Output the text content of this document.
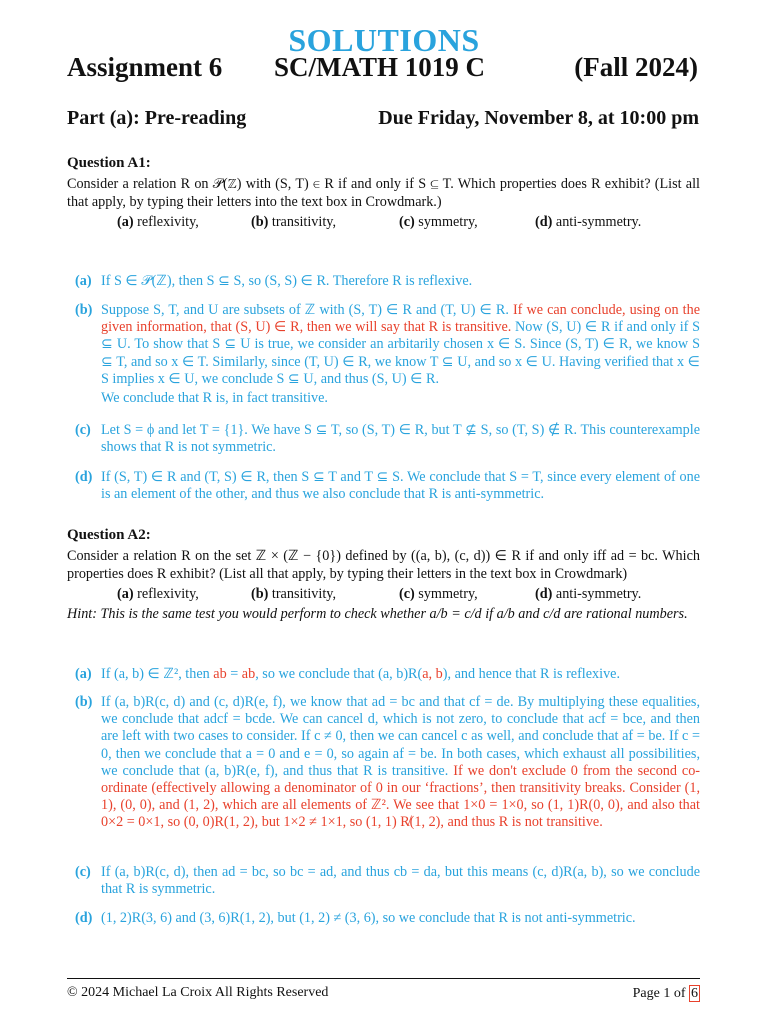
SOLUTIONS
Assignment 6 SC/MATH 1019 C	(Fall 2024)
Part (a): Pre-reading	Due Friday, November 8, at 10:00 pm
Question A1:
Consider a relation R on 𝒫(ℤ) with (S, T) ∈ R if and only if S ⊆ T. Which properties does R exhibit? (List all that apply, by typing their letters into the text box in Crowdmark.)
(a) reflexivity,	(b) transitivity,	(c) symmetry,	(d) anti-symmetry.
(a) If S ∈ 𝒫(ℤ), then S ⊆ S, so (S, S) ∈ R. Therefore R is reflexive.
(b) Suppose S, T, and U are subsets of ℤ with (S, T) ∈ R and (T, U) ∈ R. If we can conclude, using on the given information, that (S, U) ∈ R, then we will say that R is transitive. Now (S, U) ∈ R if and only if S ⊆ U. To show that S ⊆ U is true, we consider an arbitarily chosen x ∈ S. Since (S, T) ∈ R, we know S ⊆ T, and so x ∈ T. Similarly, since (T, U) ∈ R, we know T ⊆ U, and so x ∈ U. Having verified that x ∈ S implies x ∈ U, we conclude S ⊆ U, and thus (S, U) ∈ R.
We conclude that R is, in fact transitive.
(c) Let S = ϕ and let T = {1}. We have S ⊆ T, so (S, T) ∈ R, but T ⊈ S, so (T, S) ∉ R. This counterexample shows that R is not symmetric.
(d) If (S, T) ∈ R and (T, S) ∈ R, then S ⊆ T and T ⊆ S. We conclude that S = T, since every element of one is an element of the other, and thus we also conclude that R is anti-symmetric.
Question A2:
Consider a relation R on the set ℤ × (ℤ − {0}) defined by ((a, b), (c, d)) ∈ R if and only iff ad = bc. Which properties does R exhibit? (List all that apply, by typing their letters in the text box in Crowdmark)
(a) reflexivity,	(b) transitivity,	(c) symmetry,	(d) anti-symmetry.
Hint: This is the same test you would perform to check whether a/b = c/d if a/b and c/d are rational numbers.
(a) If (a, b) ∈ ℤ², then ab = ab, so we conclude that (a, b)R(a, b), and hence that R is reflexive.
(b) If (a, b)R(c, d) and (c, d)R(e, f), we know that ad = bc and that cf = de. By multiplying these equalities, we conclude that adcf = bcde. We can cancel d, which is not zero, to conclude that acf = bce, and then are left with two cases to consider. If c ≠ 0, then we can cancel c as well, and conclude that af = be. If c = 0, then we conclude that a = 0 and e = 0, so again af = be. In both cases, which exhaust all possibilities, we conclude that (a, b)R(e, f), and thus that R is transitive. If we don't exclude 0 from the second co-ordinate (effectively allowing a denominator of 0 in our ‘fractions’, then transitivity breaks. Consider (1, 1), (0, 0), and (1, 2), which are all elements of ℤ². We see that 1×0 = 1×0, so (1, 1)R(0, 0), and also that 0×2 = 0×1, so (0, 0)R(1, 2), but 1×2 ≠ 1×1, so (1, 1) R̸(1, 2), and thus R is not transitive.
(c) If (a, b)R(c, d), then ad = bc, so bc = ad, and thus cb = da, but this means (c, d)R(a, b), so we conclude that R is symmetric.
(d) (1, 2)R(3, 6) and (3, 6)R(1, 2), but (1, 2) ≠ (3, 6), so we conclude that R is not anti-symmetric.
© 2024 Michael La Croix All Rights Reserved	Page 1 of 6
